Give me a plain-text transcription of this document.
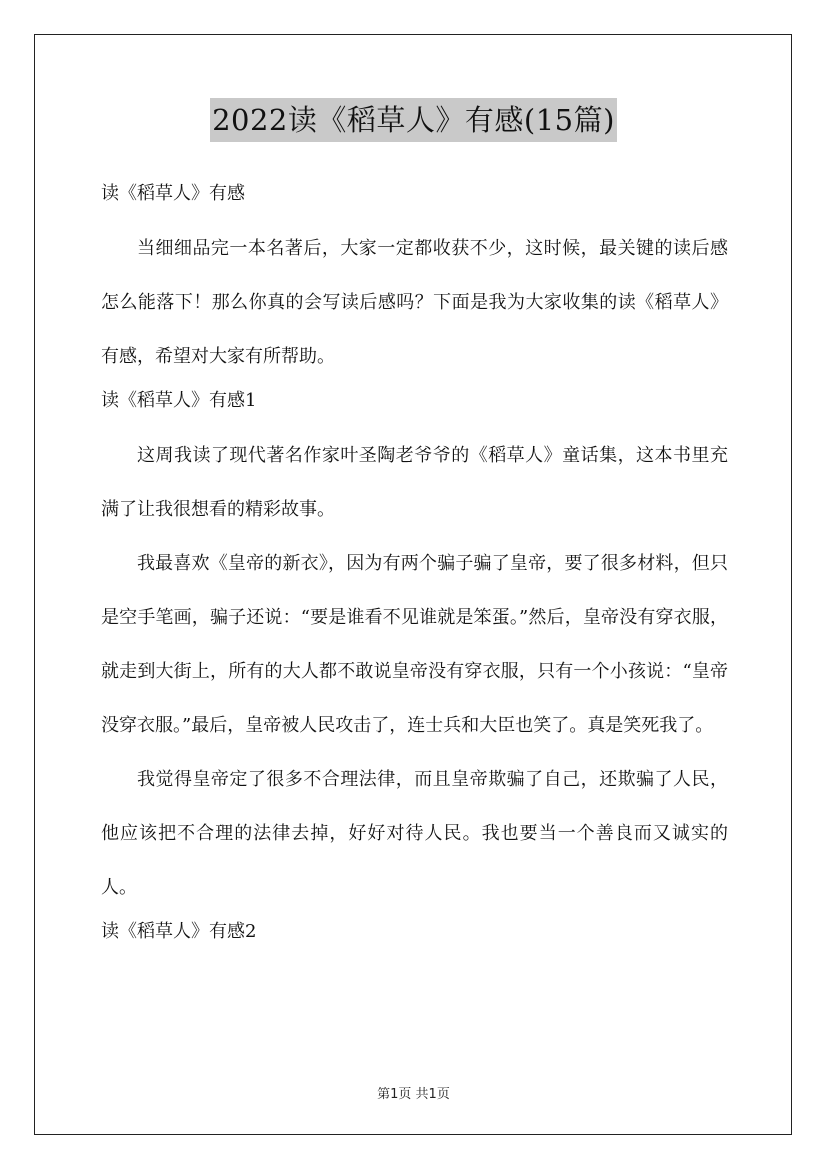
2022读《稻草人》有感(15篇)
读《稻草人》有感

当细细品完一本名著后，大家一定都收获不少，这时候，最关键的读后感怎么能落下！那么你真的会写读后感吗？下面是我为大家收集的读《稻草人》有感，希望对大家有所帮助。

读《稻草人》有感1

这周我读了现代著名作家叶圣陶老爷爷的《稻草人》童话集，这本书里充满了让我很想看的精彩故事。

我最喜欢《皇帝的新衣》，因为有两个骗子骗了皇帝，要了很多材料，但只是空手笔画，骗子还说：“要是谁看不见谁就是笨蛋。”然后，皇帝没有穿衣服，就走到大街上，所有的大人都不敢说皇帝没有穿衣服，只有一个小孩说：“皇帝没穿衣服。”最后，皇帝被人民攻击了，连士兵和大臣也笑了。真是笑死我了。

我觉得皇帝定了很多不合理法律，而且皇帝欺骗了自己，还欺骗了人民，他应该把不合理的法律去掉，好好对待人民。我也要当一个善良而又诚实的人。

读《稻草人》有感2
第1页 共1页
